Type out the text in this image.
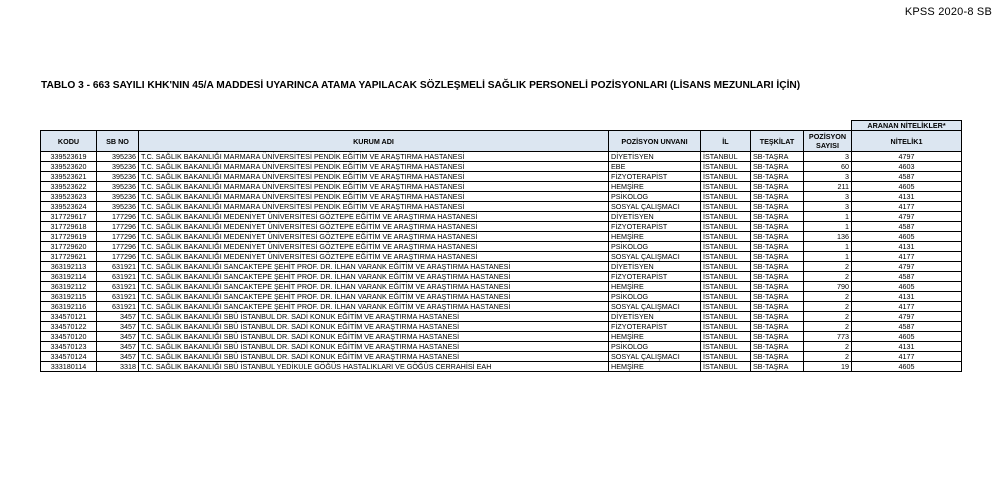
KPSS 2020-8 SB
TABLO 3 - 663 SAYILI KHK'NIN 45/A MADDESİ UYARINCA ATAMA YAPILACAK SÖZLEŞMELİ SAĞLIK PERSONELİ POZİSYONLARI (LİSANS MEZUNLARI İÇİN)
							ARANAN NİTELİKLER*
KODU	SB NO	KURUM ADI	POZİSYON UNVANI	İL	TEŞKİLAT	POZİSYON SAYISI	NİTELİK1
339523619	395236	T.C. SAĞLIK BAKANLIĞI MARMARA ÜNİVERSİTESİ PENDİK EĞİTİM VE ARAŞTIRMA HASTANESİ	DİYETİSYEN	İSTANBUL	SB-TAŞRA	3	4797
339523620	395236	T.C. SAĞLIK BAKANLIĞI MARMARA ÜNİVERSİTESİ PENDİK EĞİTİM VE ARAŞTIRMA HASTANESİ	EBE	İSTANBUL	SB-TAŞRA	60	4603
339523621	395236	T.C. SAĞLIK BAKANLIĞI MARMARA ÜNİVERSİTESİ PENDİK EĞİTİM VE ARAŞTIRMA HASTANESİ	FİZYOTERAPİST	İSTANBUL	SB-TAŞRA	3	4587
339523622	395236	T.C. SAĞLIK BAKANLIĞI MARMARA ÜNİVERSİTESİ PENDİK EĞİTİM VE ARAŞTIRMA HASTANESİ	HEMŞİRE	İSTANBUL	SB-TAŞRA	211	4605
339523623	395236	T.C. SAĞLIK BAKANLIĞI MARMARA ÜNİVERSİTESİ PENDİK EĞİTİM VE ARAŞTIRMA HASTANESİ	PSİKOLOG	İSTANBUL	SB-TAŞRA	3	4131
339523624	395236	T.C. SAĞLIK BAKANLIĞI MARMARA ÜNİVERSİTESİ PENDİK EĞİTİM VE ARAŞTIRMA HASTANESİ	SOSYAL ÇALIŞMACI	İSTANBUL	SB-TAŞRA	3	4177
317729617	177296	T.C. SAĞLIK BAKANLIĞI MEDENİYET ÜNİVERSİTESİ GÖZTEPE EĞİTİM VE ARAŞTIRMA HASTANESİ	DİYETİSYEN	İSTANBUL	SB-TAŞRA	1	4797
317729618	177296	T.C. SAĞLIK BAKANLIĞI MEDENİYET ÜNİVERSİTESİ GÖZTEPE EĞİTİM VE ARAŞTIRMA HASTANESİ	FİZYOTERAPİST	İSTANBUL	SB-TAŞRA	1	4587
317729619	177296	T.C. SAĞLIK BAKANLIĞI MEDENİYET ÜNİVERSİTESİ GÖZTEPE EĞİTİM VE ARAŞTIRMA HASTANESİ	HEMŞİRE	İSTANBUL	SB-TAŞRA	136	4605
317729620	177296	T.C. SAĞLIK BAKANLIĞI MEDENİYET ÜNİVERSİTESİ GÖZTEPE EĞİTİM VE ARAŞTIRMA HASTANESİ	PSİKOLOG	İSTANBUL	SB-TAŞRA	1	4131
317729621	177296	T.C. SAĞLIK BAKANLIĞI MEDENİYET ÜNİVERSİTESİ GÖZTEPE EĞİTİM VE ARAŞTIRMA HASTANESİ	SOSYAL ÇALIŞMACI	İSTANBUL	SB-TAŞRA	1	4177
363192113	631921	T.C. SAĞLIK BAKANLIĞI SANCAKTEPE ŞEHİT PROF. DR. İLHAN VARANK EĞİTİM VE ARAŞTIRMA HASTANESİ	DİYETİSYEN	İSTANBUL	SB-TAŞRA	2	4797
363192114	631921	T.C. SAĞLIK BAKANLIĞI SANCAKTEPE ŞEHİT PROF. DR. İLHAN VARANK EĞİTİM VE ARAŞTIRMA HASTANESİ	FİZYOTERAPİST	İSTANBUL	SB-TAŞRA	2	4587
363192112	631921	T.C. SAĞLIK BAKANLIĞI SANCAKTEPE ŞEHİT PROF. DR. İLHAN VARANK EĞİTİM VE ARAŞTIRMA HASTANESİ	HEMŞİRE	İSTANBUL	SB-TAŞRA	790	4605
363192115	631921	T.C. SAĞLIK BAKANLIĞI SANCAKTEPE ŞEHİT PROF. DR. İLHAN VARANK EĞİTİM VE ARAŞTIRMA HASTANESİ	PSİKOLOG	İSTANBUL	SB-TAŞRA	2	4131
363192116	631921	T.C. SAĞLIK BAKANLIĞI SANCAKTEPE ŞEHİT PROF. DR. İLHAN VARANK EĞİTİM VE ARAŞTIRMA HASTANESİ	SOSYAL ÇALIŞMACI	İSTANBUL	SB-TAŞRA	2	4177
334570121	3457	T.C. SAĞLIK BAKANLIĞI SBÜ İSTANBUL DR. SADİ KONUK EĞİTİM VE ARAŞTIRMA HASTANESİ	DİYETİSYEN	İSTANBUL	SB-TAŞRA	2	4797
334570122	3457	T.C. SAĞLIK BAKANLIĞI SBÜ İSTANBUL DR. SADİ KONUK EĞİTİM VE ARAŞTIRMA HASTANESİ	FİZYOTERAPİST	İSTANBUL	SB-TAŞRA	2	4587
334570120	3457	T.C. SAĞLIK BAKANLIĞI SBÜ İSTANBUL DR. SADİ KONUK EĞİTİM VE ARAŞTIRMA HASTANESİ	HEMŞİRE	İSTANBUL	SB-TAŞRA	773	4605
334570123	3457	T.C. SAĞLIK BAKANLIĞI SBÜ İSTANBUL DR. SADİ KONUK EĞİTİM VE ARAŞTIRMA HASTANESİ	PSİKOLOG	İSTANBUL	SB-TAŞRA	2	4131
334570124	3457	T.C. SAĞLIK BAKANLIĞI SBÜ İSTANBUL DR. SADİ KONUK EĞİTİM VE ARAŞTIRMA HASTANESİ	SOSYAL ÇALIŞMACI	İSTANBUL	SB-TAŞRA	2	4177
333180114	3318	T.C. SAĞLIK BAKANLIĞI SBÜ İSTANBUL YEDİKULE GÖĞÜS HASTALIKLARI VE GÖĞÜS CERRAHİSİ EAH	HEMŞİRE	İSTANBUL	SB-TAŞRA	19	4605
